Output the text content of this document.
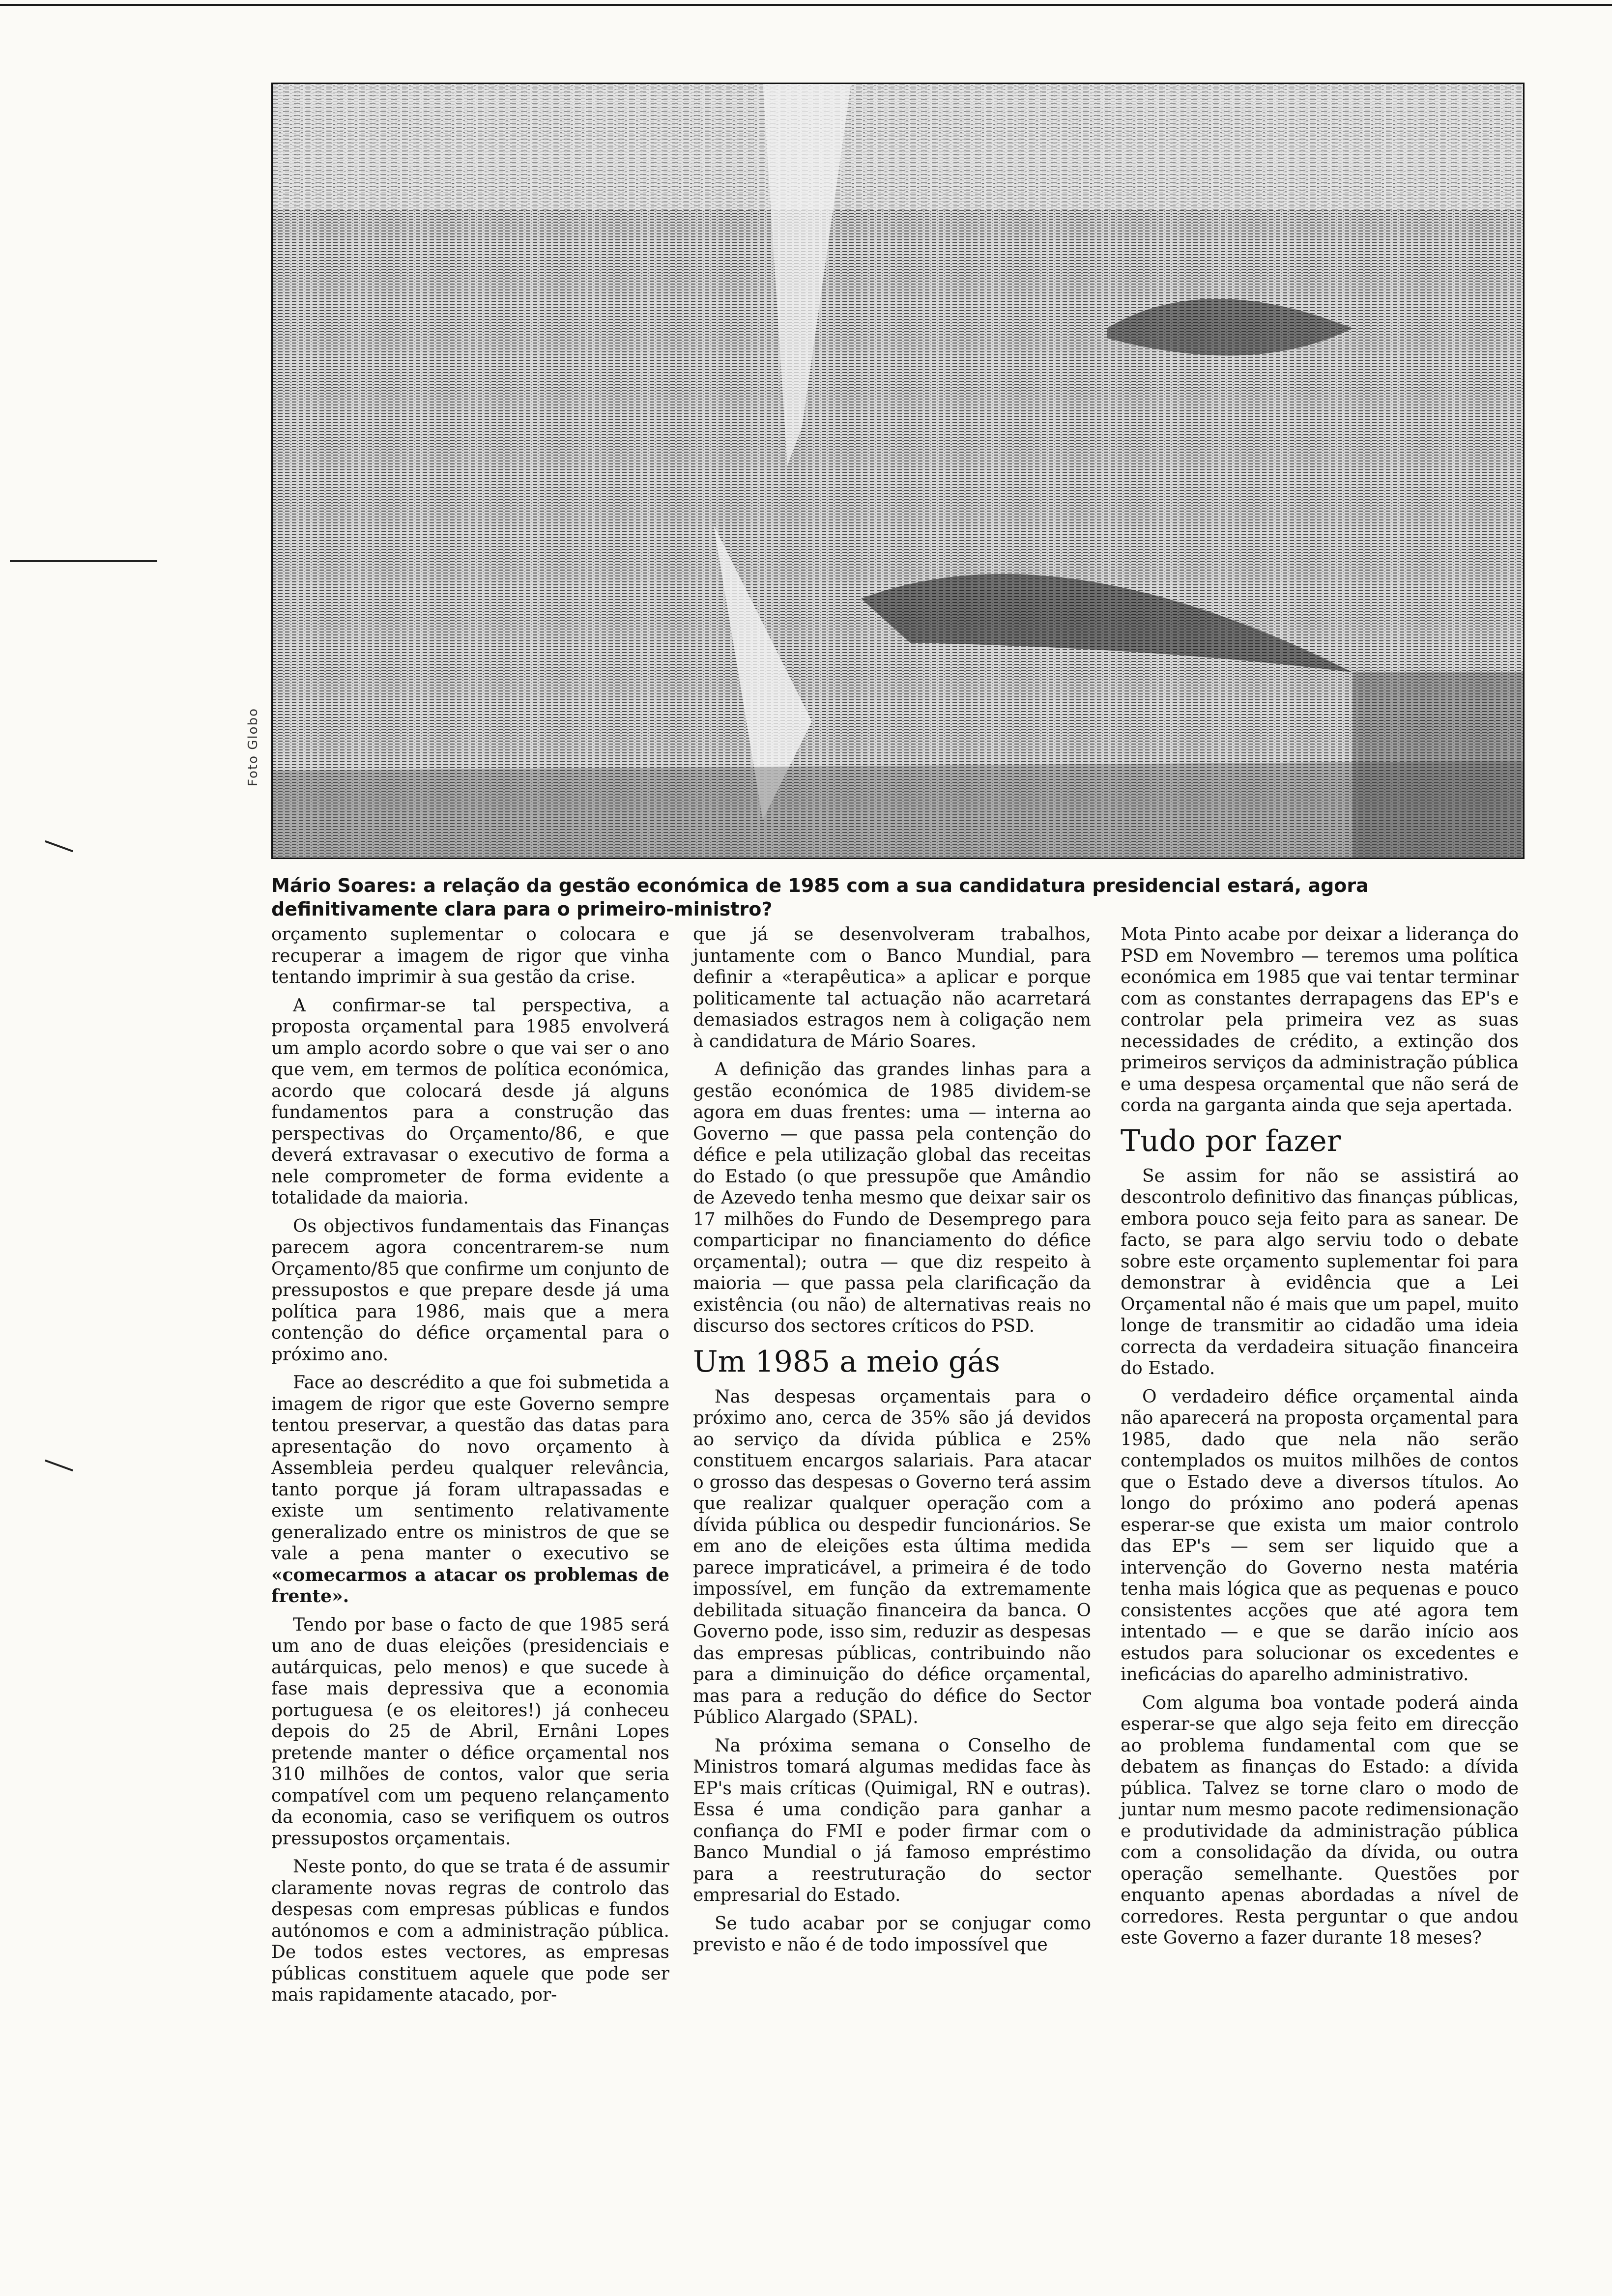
Foto Globo
Mário Soares: a relação da gestão económica de 1985 com a sua candidatura presidencial estará, agora definitivamente clara para o primeiro-ministro?

orçamento suplementar o colocara e recuperar a imagem de rigor que vinha tentando imprimir à sua gestão da crise.

A confirmar-se tal perspectiva, a proposta orçamental para 1985 envolverá um amplo acordo sobre o que vai ser o ano que vem, em termos de política económica, acordo que colocará desde já alguns fundamentos para a construção das perspectivas do Orçamento/86, e que deverá extravasar o executivo de forma a nele comprometer de forma evidente a totalidade da maioria.

Os objectivos fundamentais das Finanças parecem agora concentrarem-se num Orçamento/85 que confirme um conjunto de pressupostos e que prepare desde já uma política para 1986, mais que a mera contenção do défice orçamental para o próximo ano.

Face ao descrédito a que foi submetida a imagem de rigor que este Governo sempre tentou preservar, a questão das datas para apresentação do novo orçamento à Assembleia perdeu qualquer relevância, tanto porque já foram ultrapassadas e existe um sentimento relativamente generalizado entre os ministros de que se vale a pena manter o executivo se «comecarmos a atacar os problemas de frente».

Tendo por base o facto de que 1985 será um ano de duas eleições (presidenciais e autárquicas, pelo menos) e que sucede à fase mais depressiva que a economia portuguesa (e os eleitores!) já conheceu depois do 25 de Abril, Ernâni Lopes pretende manter o défice orçamental nos 310 milhões de contos, valor que seria compatível com um pequeno relançamento da economia, caso se verifiquem os outros pressupostos orçamentais.

Neste ponto, do que se trata é de assumir claramente novas regras de controlo das despesas com empresas públicas e fundos autónomos e com a administração pública. De todos estes vectores, as empresas públicas constituem aquele que pode ser mais rapidamente atacado, por-

que já se desenvolveram trabalhos, juntamente com o Banco Mundial, para definir a «terapêutica» a aplicar e porque politicamente tal actuação não acarretará demasiados estragos nem à coligação nem à candidatura de Mário Soares.

A definição das grandes linhas para a gestão económica de 1985 dividem-se agora em duas frentes: uma — interna ao Governo — que passa pela contenção do défice e pela utilização global das receitas do Estado (o que pressupõe que Amândio de Azevedo tenha mesmo que deixar sair os 17 milhões do Fundo de Desemprego para comparticipar no financiamento do défice orçamental); outra — que diz respeito à maioria — que passa pela clarificação da existência (ou não) de alternativas reais no discurso dos sectores críticos do PSD.

Um 1985 a meio gás

Nas despesas orçamentais para o próximo ano, cerca de 35% são já devidos ao serviço da dívida pública e 25% constituem encargos salariais. Para atacar o grosso das despesas o Governo terá assim que realizar qualquer operação com a dívida pública ou despedir funcionários. Se em ano de eleições esta última medida parece impraticável, a primeira é de todo impossível, em função da extremamente debilitada situação financeira da banca. O Governo pode, isso sim, reduzir as despesas das empresas públicas, contribuindo não para a diminuição do défice orçamental, mas para a redução do défice do Sector Público Alargado (SPAL).

Na próxima semana o Conselho de Ministros tomará algumas medidas face às EP's mais críticas (Quimigal, RN e outras). Essa é uma condição para ganhar a confiança do FMI e poder firmar com o Banco Mundial o já famoso empréstimo para a reestruturação do sector empresarial do Estado.

Se tudo acabar por se conjugar como previsto e não é de todo impossível que

Mota Pinto acabe por deixar a liderança do PSD em Novembro — teremos uma política económica em 1985 que vai tentar terminar com as constantes derrapagens das EP's e controlar pela primeira vez as suas necessidades de crédito, a extinção dos primeiros serviços da administração pública e uma despesa orçamental que não será de corda na garganta ainda que seja apertada.

Tudo por fazer

Se assim for não se assistirá ao descontrolo definitivo das finanças públicas, embora pouco seja feito para as sanear. De facto, se para algo serviu todo o debate sobre este orçamento suplementar foi para demonstrar à evidência que a Lei Orçamental não é mais que um papel, muito longe de transmitir ao cidadão uma ideia correcta da verdadeira situação financeira do Estado.

O verdadeiro défice orçamental ainda não aparecerá na proposta orçamental para 1985, dado que nela não serão contemplados os muitos milhões de contos que o Estado deve a diversos títulos. Ao longo do próximo ano poderá apenas esperar-se que exista um maior controlo das EP's — sem ser liquido que a intervenção do Governo nesta matéria tenha mais lógica que as pequenas e pouco consistentes acções que até agora tem intentado — e que se darão início aos estudos para solucionar os excedentes e ineficácias do aparelho administrativo.

Com alguma boa vontade poderá ainda esperar-se que algo seja feito em direcção ao problema fundamental com que se debatem as finanças do Estado: a dívida pública. Talvez se torne claro o modo de juntar num mesmo pacote redimensionação e produtividade da administração pública com a consolidação da dívida, ou outra operação semelhante. Questões por enquanto apenas abordadas a nível de corredores. Resta perguntar o que andou este Governo a fazer durante 18 meses?
